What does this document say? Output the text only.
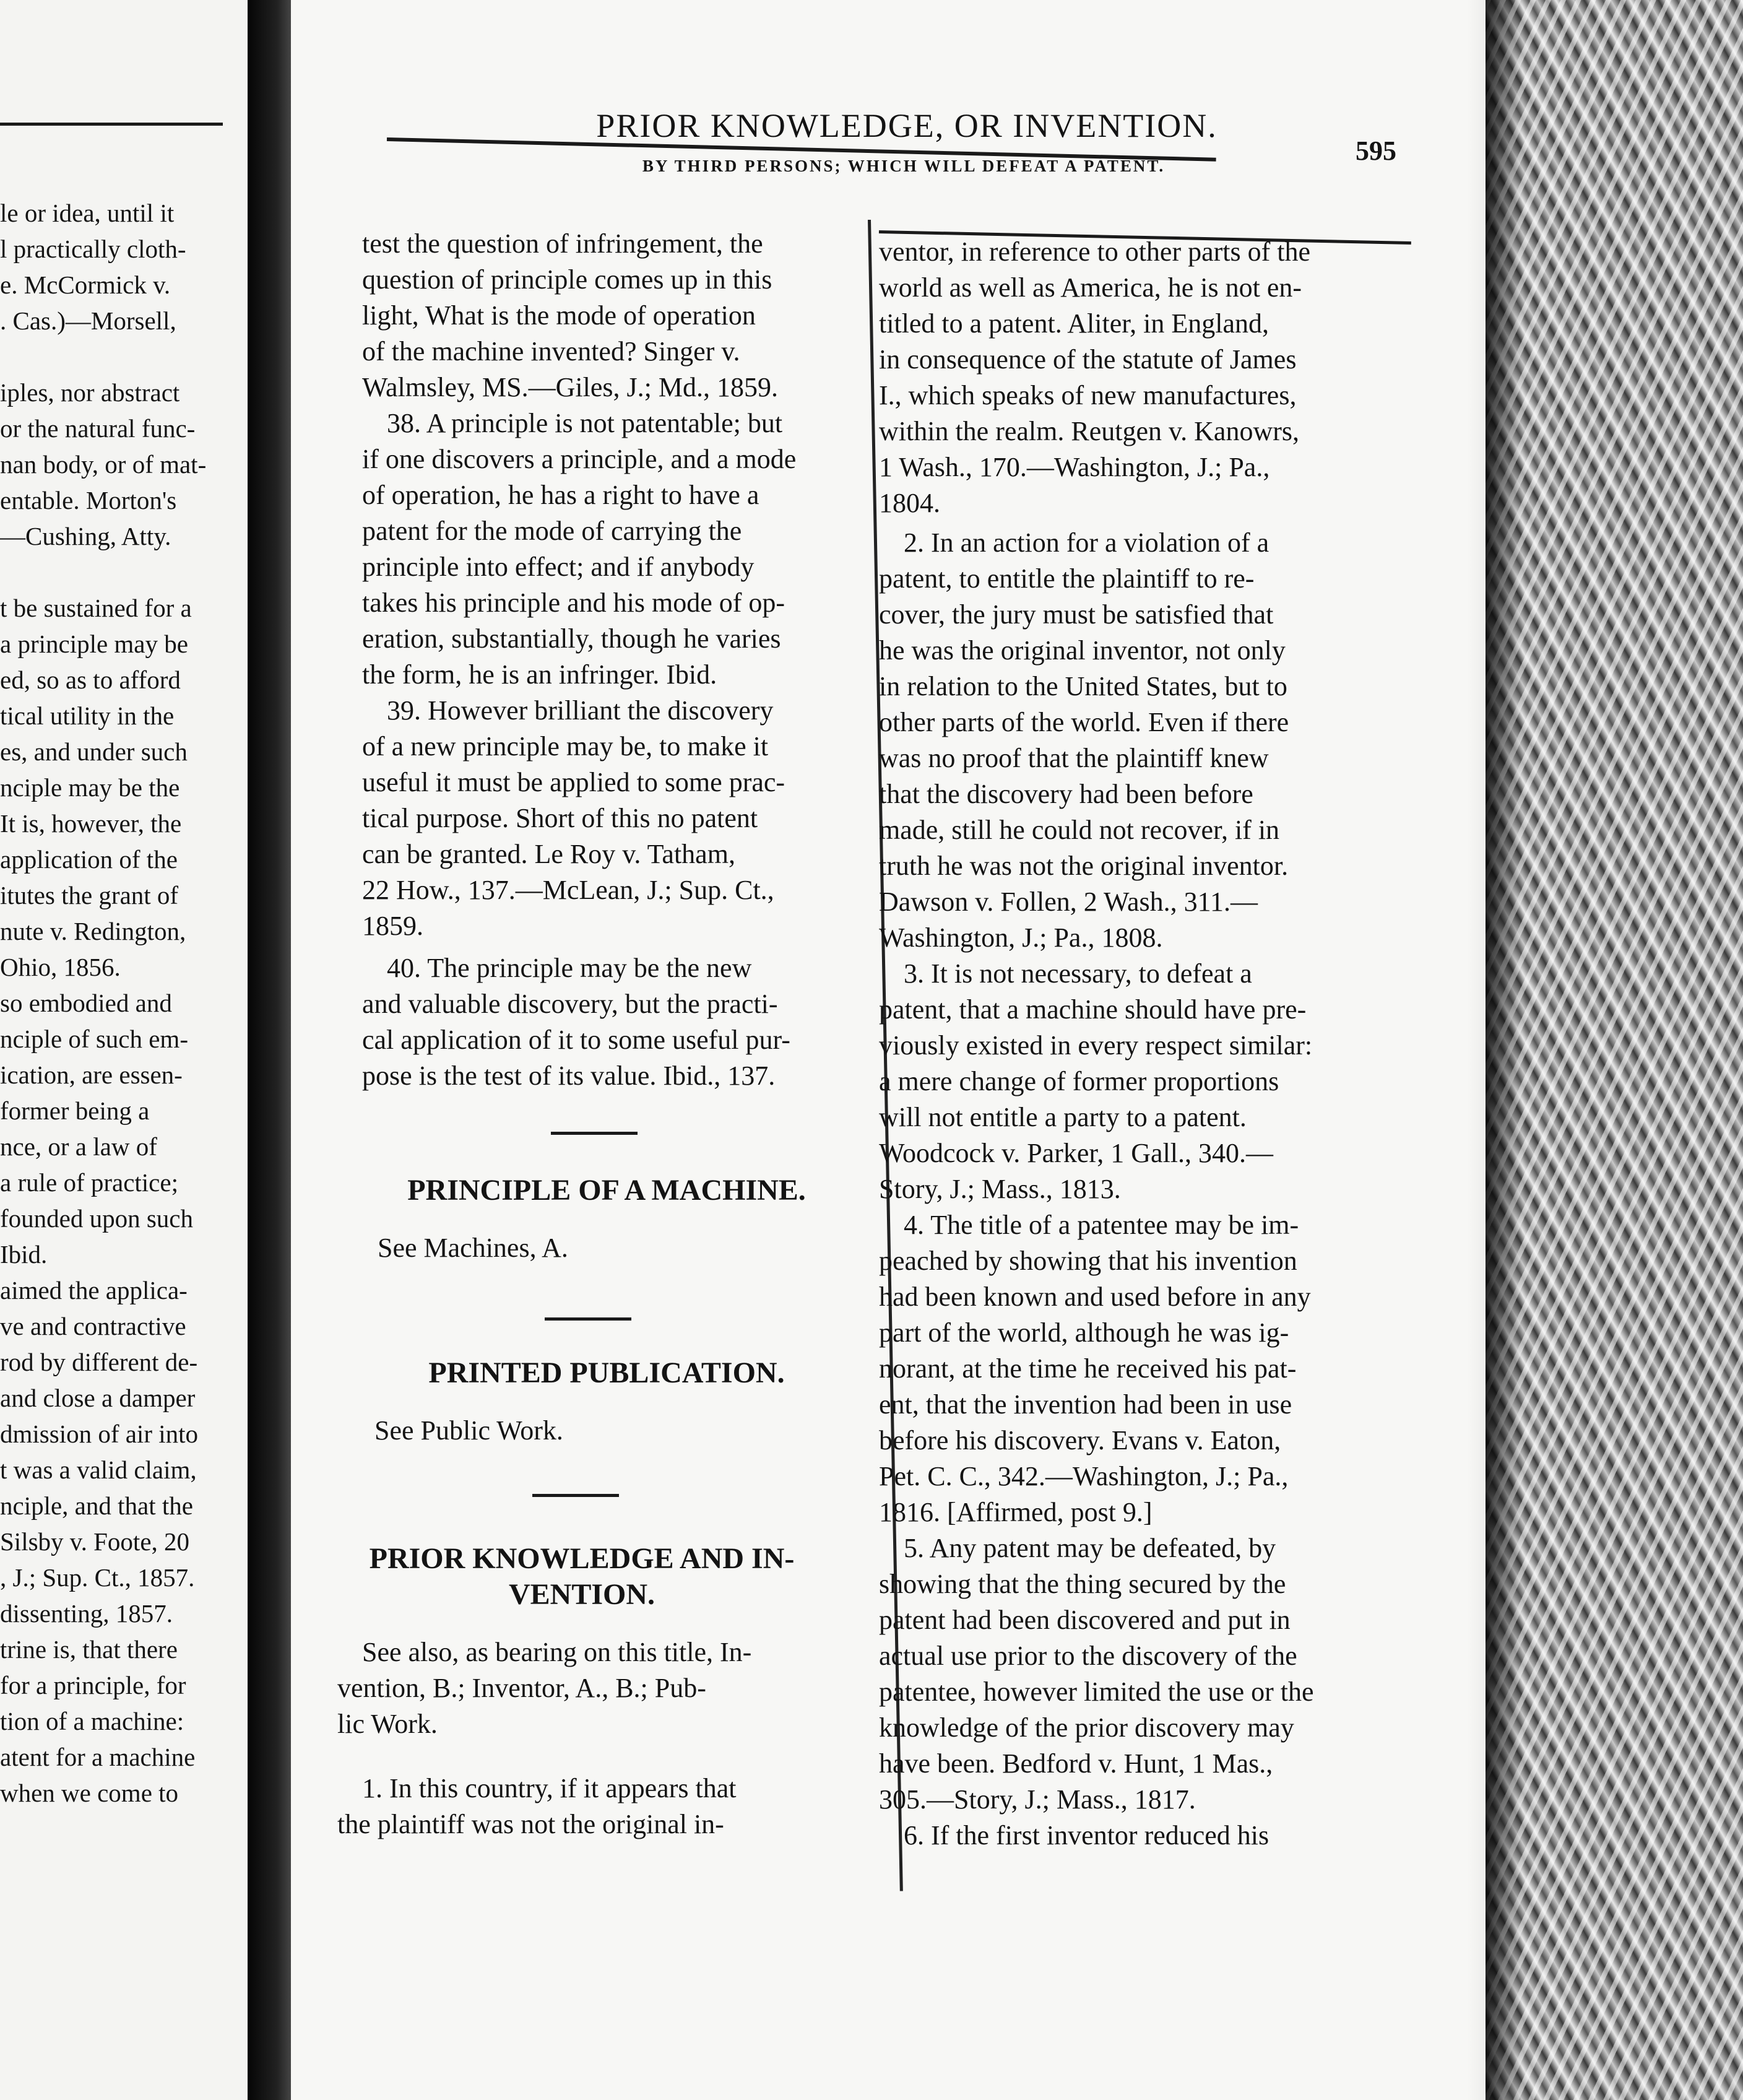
le or idea, until it
l practically cloth-
e. McCormick v.
. Cas.)—Morsell,
iples, nor abstract
or the natural func-
nan body, or of mat-
entable. Morton's
—Cushing, Atty.
t be sustained for a
a principle may be
ed, so as to afford
tical utility in the
es, and under such
nciple may be the
It is, however, the
application of the
itutes the grant of
nute v. Redington,
Ohio, 1856.
so embodied and
nciple of such em-
ication, are essen-
former being a
nce, or a law of
a rule of practice;
founded upon such
Ibid.
aimed the applica-
ve and contractive
rod by different de-
and close a damper
dmission of air into
t was a valid claim,
nciple, and that the
Silsby v. Foote, 20
, J.; Sup. Ct., 1857.
dissenting, 1857.
trine is, that there
for a principle, for
tion of a machine:
atent for a machine
when we come to
PRIOR KNOWLEDGE, OR INVENTION.
595
BY THIRD PERSONS; WHICH WILL DEFEAT A PATENT.
test the question of infringement, the
question of principle comes up in this
light, What is the mode of operation
of the machine invented? Singer v.
Walmsley, MS.—Giles, J.; Md., 1859.
38. A principle is not patentable; but
if one discovers a principle, and a mode
of operation, he has a right to have a
patent for the mode of carrying the
principle into effect; and if anybody
takes his principle and his mode of op-
eration, substantially, though he varies
the form, he is an infringer. Ibid.
39. However brilliant the discovery
of a new principle may be, to make it
useful it must be applied to some prac-
tical purpose. Short of this no patent
can be granted. Le Roy v. Tatham,
22 How., 137.—McLean, J.; Sup. Ct.,
1859.
40. The principle may be the new
and valuable discovery, but the practi-
cal application of it to some useful pur-
pose is the test of its value. Ibid., 137.
PRINCIPLE OF A MACHINE.
See Machines, A.
PRINTED PUBLICATION.
See Public Work.
PRIOR KNOWLEDGE AND IN-
VENTION.
See also, as bearing on this title, In-
vention, B.; Inventor, A., B.; Pub-
lic Work.
1. In this country, if it appears that
the plaintiff was not the original in-
ventor, in reference to other parts of the
world as well as America, he is not en-
titled to a patent. Aliter, in England,
in consequence of the statute of James
I., which speaks of new manufactures,
within the realm. Reutgen v. Kanowrs,
1 Wash., 170.—Washington, J.; Pa.,
1804.
2. In an action for a violation of a
patent, to entitle the plaintiff to re-
cover, the jury must be satisfied that
he was the original inventor, not only
in relation to the United States, but to
other parts of the world. Even if there
was no proof that the plaintiff knew
that the discovery had been before
made, still he could not recover, if in
truth he was not the original inventor.
Dawson v. Follen, 2 Wash., 311.—
Washington, J.; Pa., 1808.
3. It is not necessary, to defeat a
patent, that a machine should have pre-
viously existed in every respect similar:
a mere change of former proportions
will not entitle a party to a patent.
Woodcock v. Parker, 1 Gall., 340.—
Story, J.; Mass., 1813.
4. The title of a patentee may be im-
peached by showing that his invention
had been known and used before in any
part of the world, although he was ig-
norant, at the time he received his pat-
ent, that the invention had been in use
before his discovery. Evans v. Eaton,
Pet. C. C., 342.—Washington, J.; Pa.,
1816. [Affirmed, post 9.]
5. Any patent may be defeated, by
showing that the thing secured by the
patent had been discovered and put in
actual use prior to the discovery of the
patentee, however limited the use or the
knowledge of the prior discovery may
have been. Bedford v. Hunt, 1 Mas.,
305.—Story, J.; Mass., 1817.
6. If the first inventor reduced his
